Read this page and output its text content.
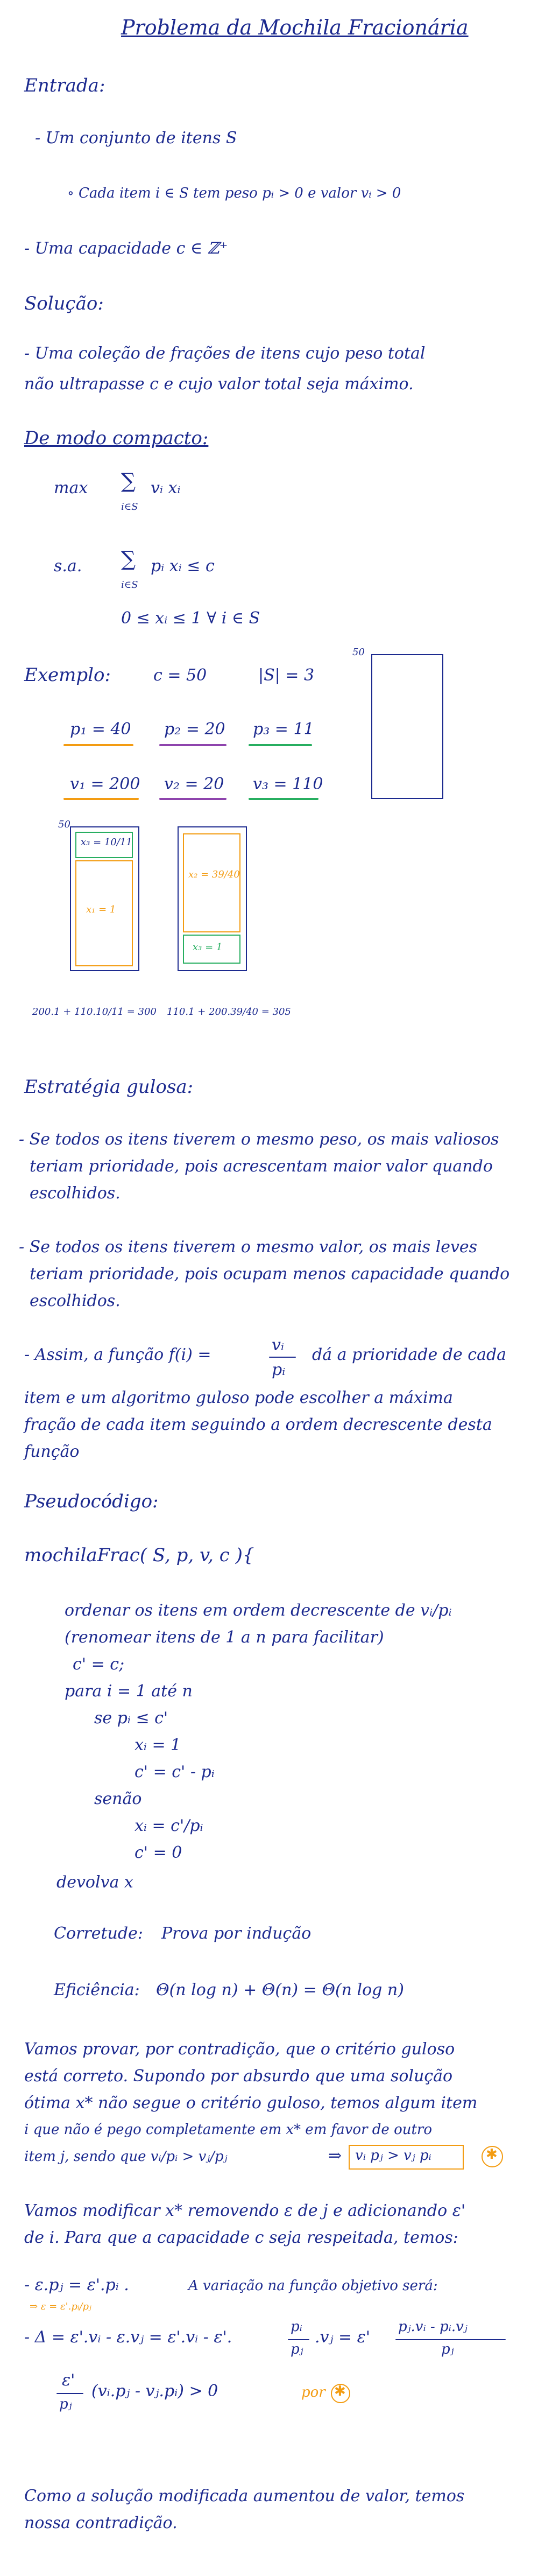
Problema da Mochila Fracionária
Entrada:
- Um conjunto de itens S
∘ Cada item i ∈ S tem peso pᵢ > 0 e valor vᵢ > 0
- Uma capacidade c ∈ ℤ⁺
Solução:
- Uma coleção de frações de itens cujo peso total
não ultrapasse c e cujo valor total seja máximo.
De modo compacto:
max ∑
i∈S
vᵢ xᵢ
s.a. ∑
i∈S
pᵢ xᵢ ≤ c
0 ≤ xᵢ ≤ 1 ∀ i ∈ S
Exemplo:	c = 50	|S| = 3
p₁ = 40 p₂ = 20 p₃ = 11
v₁ = 200 v₂ = 20 v₃ = 110
50
50
x₃ = 10/11
x₁ = 1
x₂ = 39/40
x₃ = 1
200.1 + 110.10/11 = 300 110.1 + 200.39/40 = 305
Estratégia gulosa:
- Se todos os itens tiverem o mesmo peso, os mais valiosos
teriam prioridade, pois acrescentam maior valor quando
escolhidos.
- Se todos os itens tiverem o mesmo valor, os mais leves
teriam prioridade, pois ocupam menos capacidade quando
escolhidos.
- Assim, a função f(i) =
vᵢ
pᵢ
dá a prioridade de cada
item e um algoritmo guloso pode escolher a máxima
fração de cada item seguindo a ordem decrescente desta
função
Pseudocódigo:
mochilaFrac( S, p, v, c ){
ordenar os itens em ordem decrescente de vᵢ/pᵢ
(renomear itens de 1 a n para facilitar)
c' = c;
para i = 1 até n
se pᵢ ≤ c'
xᵢ = 1
c' = c' - pᵢ
senão
xᵢ = c'/pᵢ
c' = 0
devolva x
Corretude: Prova por indução
Eficiência: Θ(n log n) + Θ(n) = Θ(n log n)
Vamos provar, por contradição, que o critério guloso
está correto. Supondo por absurdo que uma solução
ótima x* não segue o critério guloso, temos algum item
i que não é pego completamente em x* em favor de outro
item j, sendo que vᵢ/pᵢ > vⱼ/pⱼ	⇒ vᵢ pⱼ > vⱼ pᵢ	✱
Vamos modificar x* removendo ε de j e adicionando ε'
de i. Para que a capacidade c seja respeitada, temos:
- ε.pⱼ = ε'.pᵢ .	A variação na função objetivo será:
⇒ ε = ε'.pᵢ/pⱼ
- Δ = ε'.vᵢ - ε.vⱼ = ε'.vᵢ - ε'.
pᵢ
pⱼ
.vⱼ = ε'
pⱼ.vᵢ - pᵢ.vⱼ
pⱼ
ε'
pⱼ
(vᵢ.pⱼ - vⱼ.pᵢ) > 0	por ✱
Como a solução modificada aumentou de valor, temos
nossa contradição.
